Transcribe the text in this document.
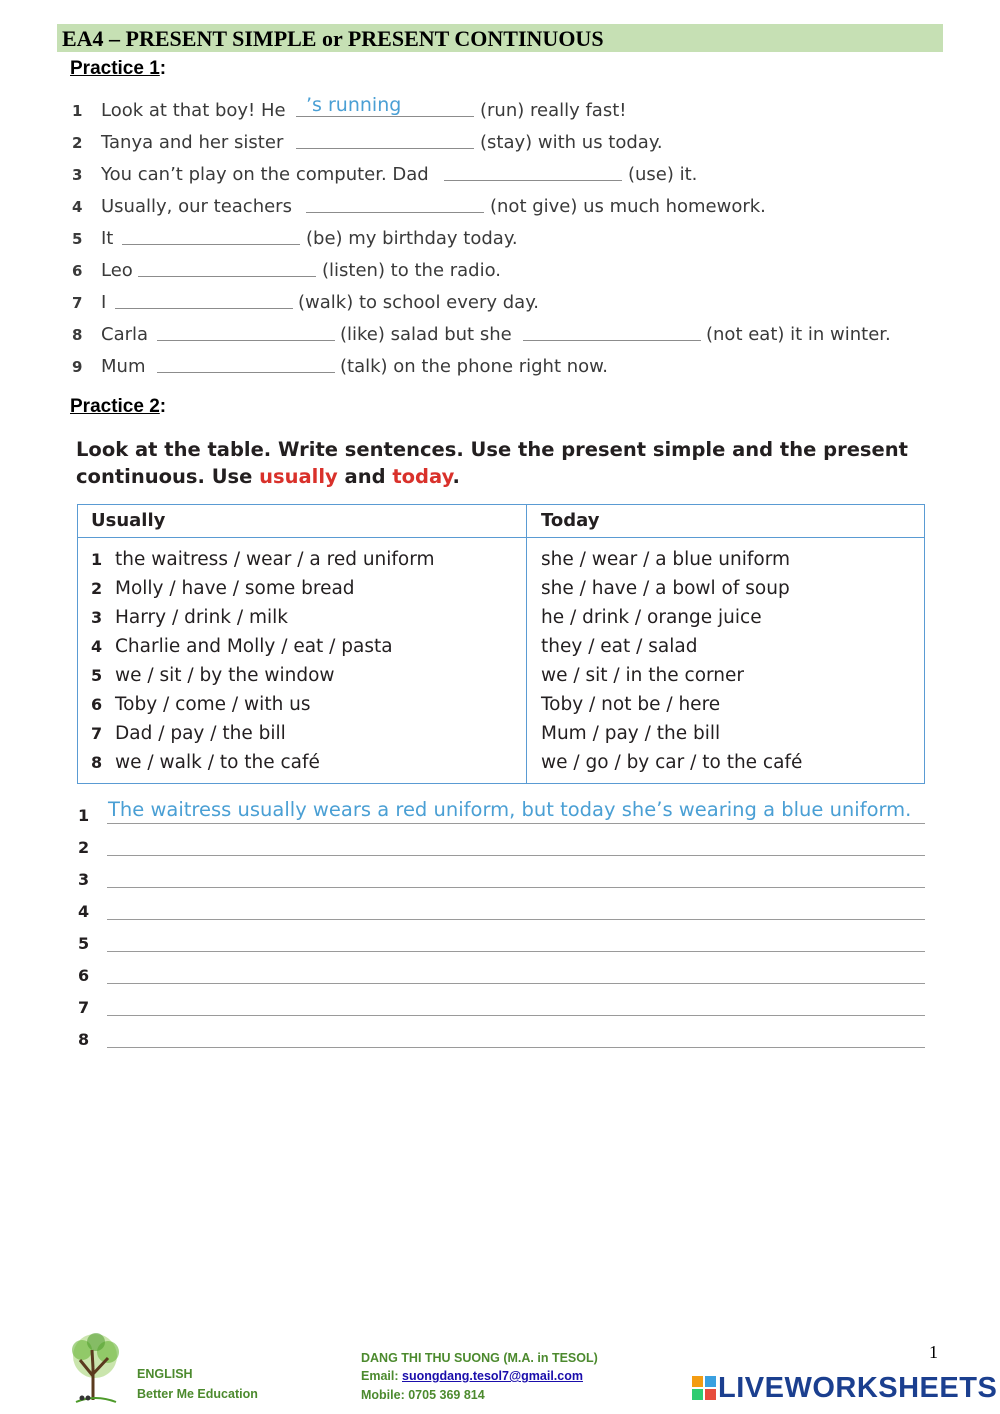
EA4 – PRESENT SIMPLE or PRESENT CONTINUOUS
Practice 1:
1 Look at that boy! He ’s running	(run) really fast!
2 Tanya and her sister	(stay) with us today.
3 You can’t play on the computer. Dad	(use) it.
4 Usually, our teachers	(not give) us much homework.
5 It	(be) my birthday today.
6 Leo	(listen) to the radio.
7 I	(walk) to school every day.
8 Carla	(like) salad but she	(not eat) it in winter.
9 Mum	(talk) on the phone right now.
Practice 2:
Look at the table. Write sentences. Use the present simple and the present
continuous. Use usually and today.
Usually	Today
1 the waitress / wear / a red uniform	she / wear / a blue uniform
2 Molly / have / some bread	she / have / a bowl of soup
3 Harry / drink / milk	he / drink / orange juice
4 Charlie and Molly / eat / pasta	they / eat / salad
5 we / sit / by the window	we / sit / in the corner
6 Toby / come / with us	Toby / not be / here
7 Dad / pay / the bill	Mum / pay / the bill
8 we / walk / to the café	we / go / by car / to the café
The waitress usually wears a red uniform, but today she’s wearing a blue uniform.
1
2
3
4
5
6
7
8
ENGLISH
Better Me Education
DANG THI THU SUONG (M.A. in TESOL)
Email: suongdang.tesol7@gmail.com
Mobile: 0705 369 814
1
LIVEWORKSHEETS
